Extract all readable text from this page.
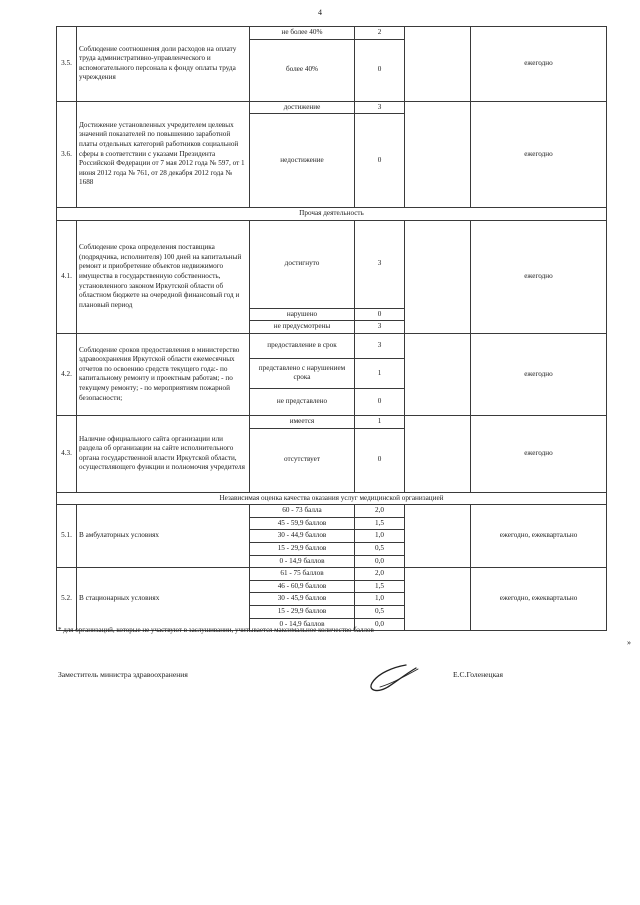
4
3.5.	Соблюдение соотношения доли расходов на оплату труда административно-управленческого и вспомогательного персонала к фонду оплаты труда учреждения	не более 40%	2		ежегодно
		более 40%	0		
3.6.	Достижение установленных учредителем целевых значений показателей по повышению заработной платы отдельных категорий работников социальной сферы в соответствии с указами Президента Российской Федерации от 7 мая 2012 года № 597, от 1 июня 2012 года № 761, от 28 декабря 2012 года № 1688	достижение	3		ежегодно
		недостижение	0		
Прочая деятельность					
4.1.	Соблюдение срока определения поставщика (подрядчика, исполнителя) 100 дней на капитальный ремонт и приобретение объектов недвижимого имущества в государственную собственность, установленного законом Иркутской области об областном бюджете на очередной финансовый год и плановый период	достигнуто	3		ежегодно
		нарушено	0		
		не предусмотрены	3		
4.2.	Соблюдение сроков предоставления в министерство здравоохранения Иркутской области ежемесячных отчетов по освоению средств текущего года:- по капитальному ремонту и проектным работам; - по текущему ремонту; - по мероприятиям пожарной безопасности;	предоставление в срок	3		ежегодно
		представлено с нарушением срока	1		
		не представлено	0		
4.3.	Наличие официального сайта организации или раздела об организации на сайте исполнительного органа государственной власти Иркутской области, осуществляющего функции и полномочия учредителя	имеется	1		ежегодно
		отсутствует	0		
Независимая оценка качества оказания услуг медицинской организацией					
5.1.	В амбулаторных условиях	60 - 73 балла	2,0		ежегодно, ежеквартально
		45 - 59,9 баллов	1,5		
		30 - 44,9 баллов	1,0		
		15 - 29,9 баллов	0,5		
		0 - 14,9 баллов	0,0		
5.2.	В стационарных условиях	61 - 75 баллов	2,0		ежегодно, ежеквартально
		46 - 60,9 баллов	1,5		
		30 - 45,9 баллов	1,0		
		15 - 29,9 баллов	0,5		
		0 - 14,9 баллов	0,0		
* для организаций, которые не участвуют в заслушивании, учитывается максимальное количество баллов
»
Заместитель министра здравоохранения	Е.С.Голенецкая
